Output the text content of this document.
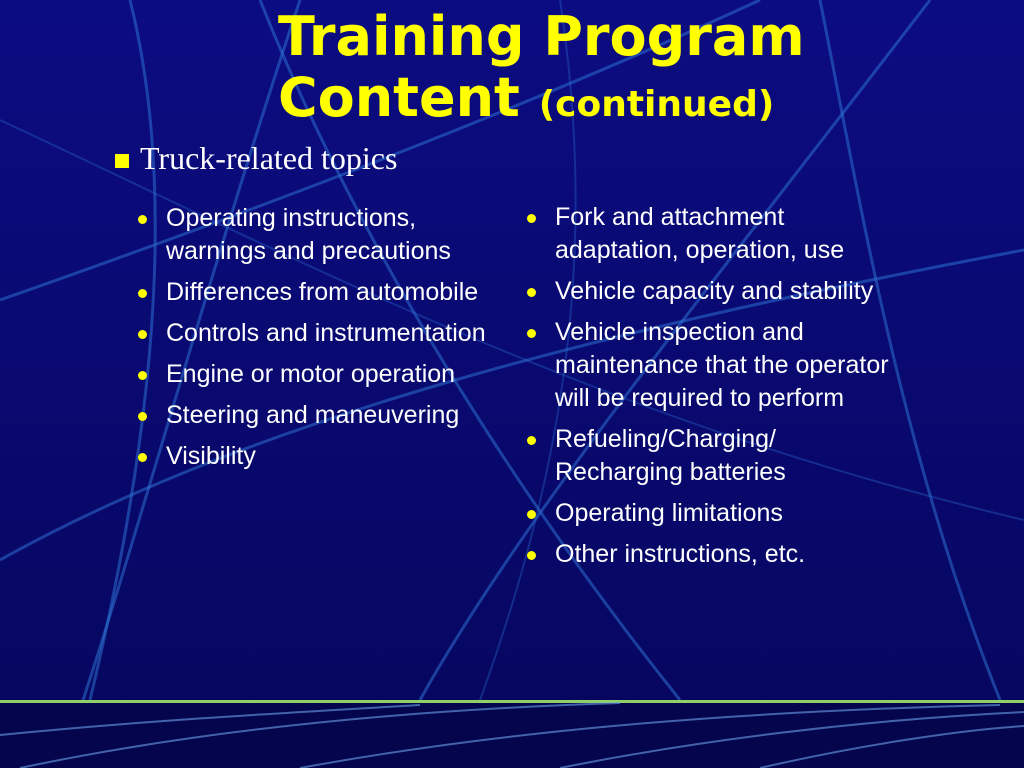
Training Program
Content (continued)
Truck-related topics
Operating instructions, warnings and precautions
Differences from automobile
Controls and instrumentation
Engine or motor operation
Steering and maneuvering
Visibility
Fork and attachment adaptation, operation, use
Vehicle capacity and stability
Vehicle inspection and maintenance that the operator will be required to perform
Refueling/Charging/ Recharging batteries
Operating limitations
Other instructions, etc.
